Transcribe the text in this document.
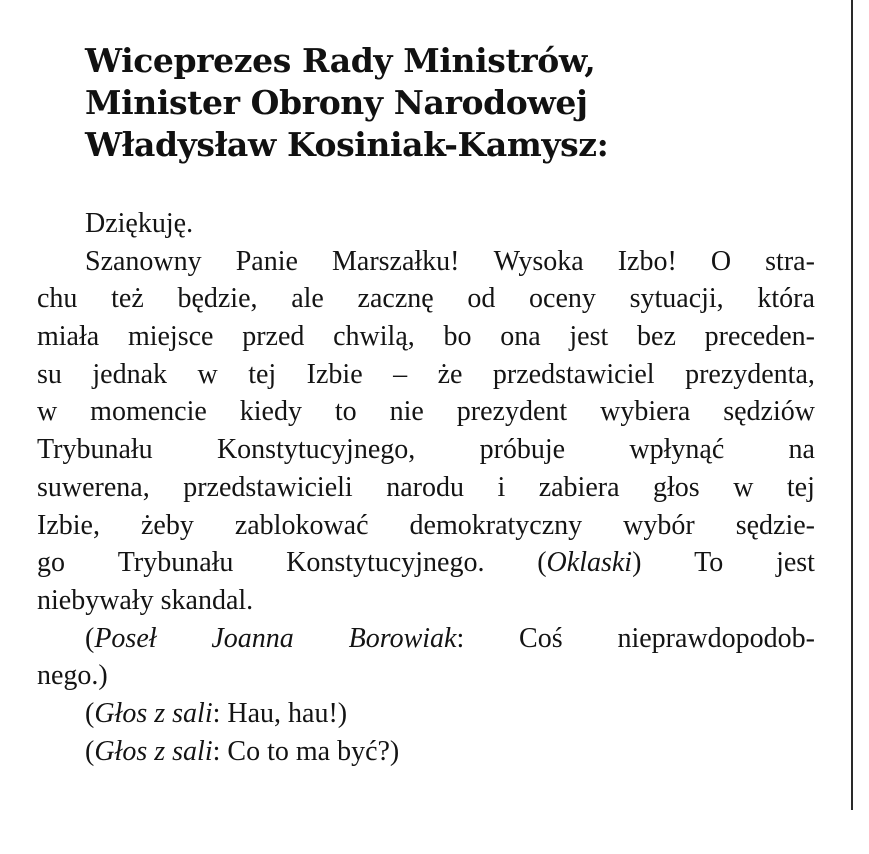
Wiceprezes Rady Ministrów,
Minister Obrony Narodowej
Władysław Kosiniak-Kamysz:
Dziękuję.
Szanowny Panie Marszałku! Wysoka Izbo! O stra-
chu też będzie, ale zacznę od oceny sytuacji, która
miała miejsce przed chwilą, bo ona jest bez preceden-
su jednak w tej Izbie – że przedstawiciel prezydenta,
w momencie kiedy to nie prezydent wybiera sędziów
Trybunału Konstytucyjnego, próbuje wpłynąć na
suwerena, przedstawicieli narodu i zabiera głos w tej
Izbie, żeby zablokować demokratyczny wybór sędzie-
go Trybunału Konstytucyjnego. (Oklaski) To jest
niebywały skandal.
(Poseł Joanna Borowiak: Coś nieprawdopodob-
nego.)
(Głos z sali: Hau, hau!)
(Głos z sali: Co to ma być?)
